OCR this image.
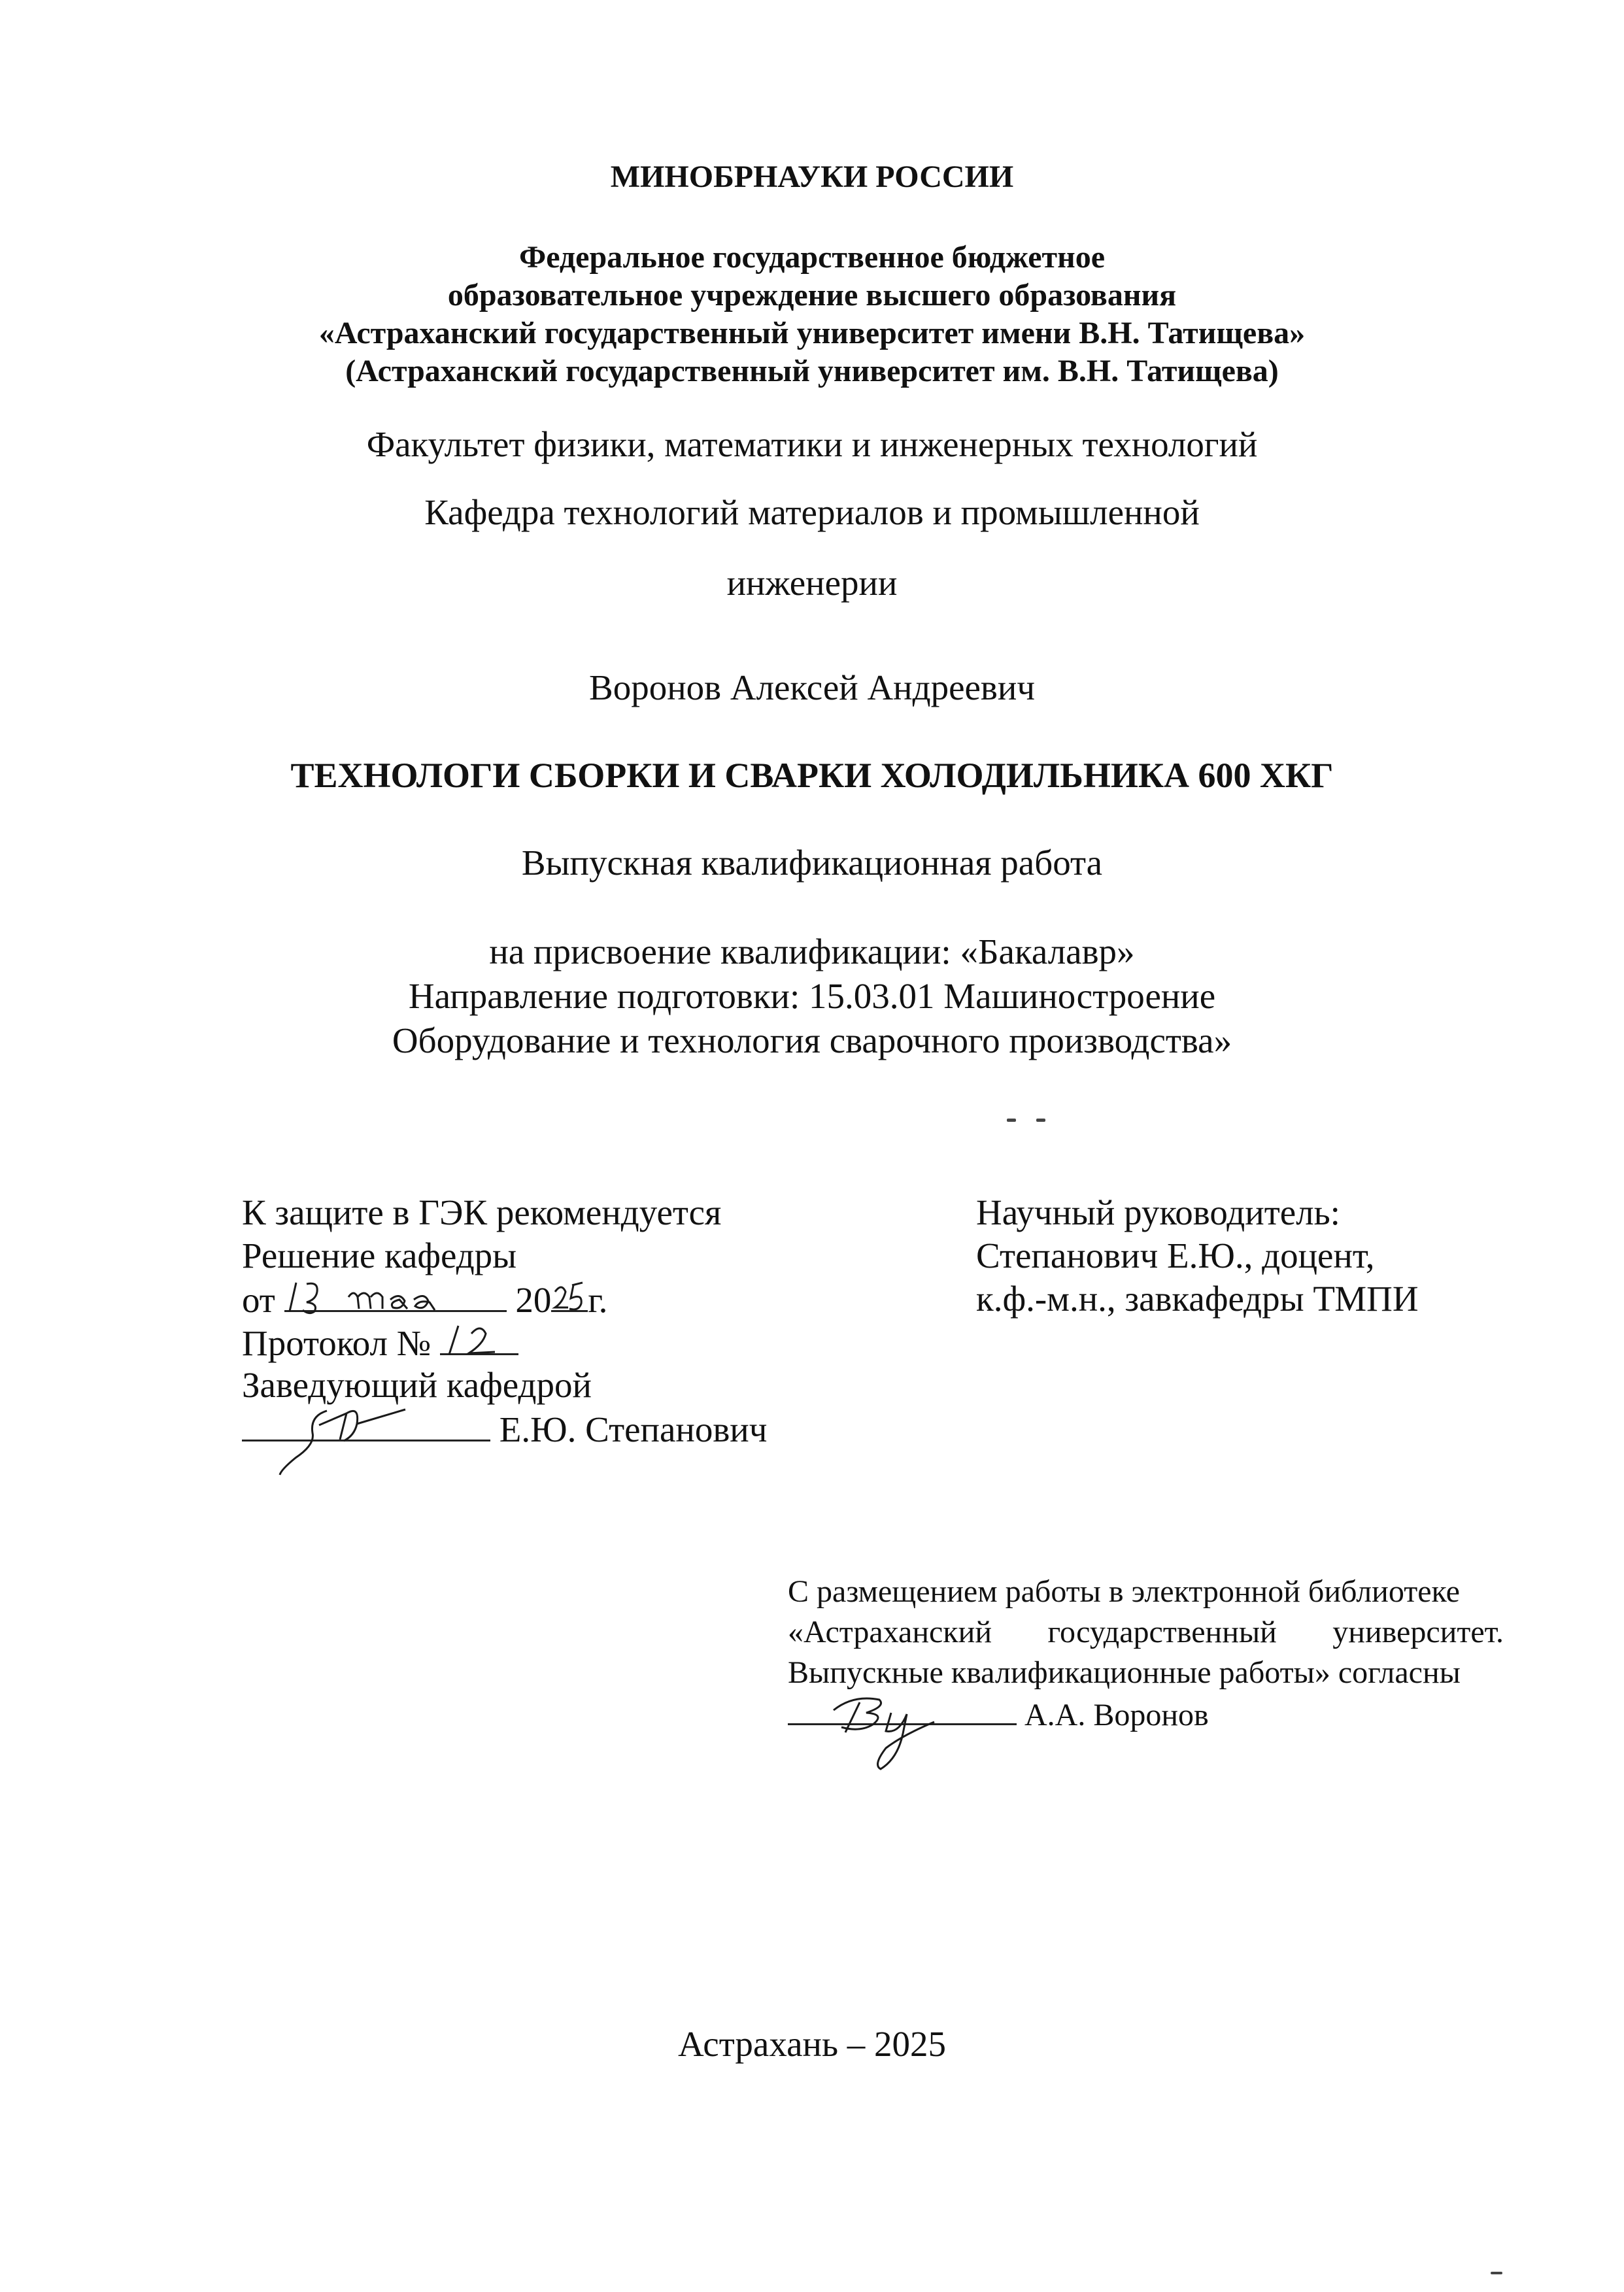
МИНОБРНАУКИ РОССИИ
Федеральное государственное бюджетное
образовательное учреждение высшего образования
«Астраханский государственный университет имени В.Н. Татищева»
(Астраханский государственный университет им. В.Н. Татищева)
Факультет физики, математики и инженерных технологий
Кафедра технологий материалов и промышленной
инженерии
Воронов Алексей Андреевич
ТЕХНОЛОГИ СБОРКИ И СВАРКИ ХОЛОДИЛЬНИКА 600 ХКГ
Выпускная квалификационная работа
на присвоение квалификации: «Бакалавр»
Направление подготовки: 15.03.01 Машиностроение
Оборудование и технология сварочного производства»
К защите в ГЭК рекомендуется
Решение кафедры
от	20 г.
Протокол №
Заведующий кафедрой
Е.Ю. Степанович
Научный руководитель:
Степанович Е.Ю., доцент,
к.ф.-м.н., завкафедры ТМПИ
С размещением работы в электронной библиотеке
«Астраханский государственный университет.
Выпускные квалификационные работы» согласны
А.А. Воронов
Астрахань – 2025
